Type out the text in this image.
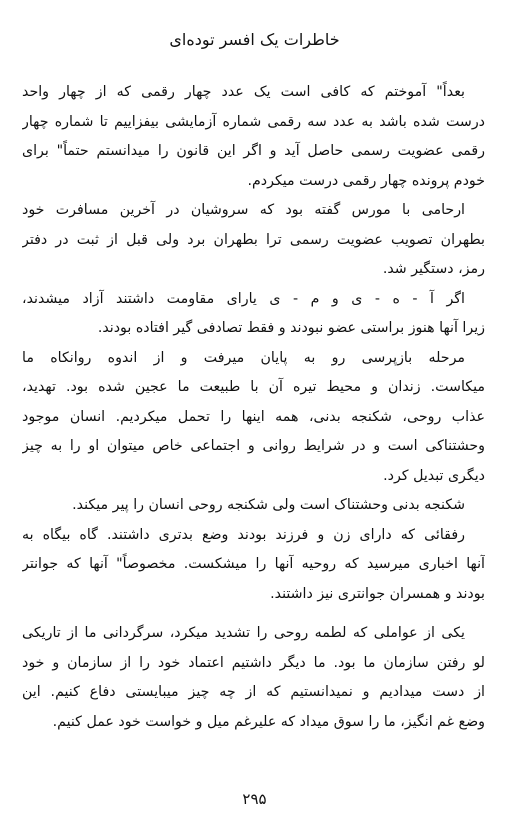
خاطرات یک افسر توده‌ای
بعداً" آموختم که کافی است یک عدد چهار رقمی که از چهار واحد
درست شده باشد به عدد سه رقمی شماره آزمایشی بیفزاییم تا شماره چهار
رقمی عضویت رسمی حاصل آید و اگر این قانون را میدانستم حتماً" برای
خودم پرونده چهار رقمی درست میکردم.
ارحامی با مورس گفته بود که سروشیان در آخرین مسافرت خود
بطهران تصویب عضویت رسمی ترا بطهران برد ولی قبل از ثبت در دفتر
رمز، دستگیر شد.
اگر آ - ه - ی و م - ی یارای مقاومت داشتند آزاد میشدند،
زیرا آنها هنوز براستی عضو نبودند و فقط تصادفی گیر افتاده بودند.
مرحله بازپرسی رو به پایان میرفت و از اندوه روانکاه ما
میکاست. زندان و محیط تیره آن با طبیعت ما عجین شده بود. تهدید،
عذاب روحی، شکنجه بدنی، همه اینها را تحمل میکردیم. انسان موجود
وحشتناکی است و در شرایط روانی و اجتماعی خاص میتوان او را به چیز
دیگری تبدیل کرد.
شکنجه بدنی وحشتناک است ولی شکنجه روحی انسان را پیر میکند.
رفقائی که دارای زن و فرزند بودند وضع بدتری داشتند. گاه بیگاه به
آنها اخباری میرسید که روحیه آنها را میشکست. مخصوصاً" آنها که جوانتر
بودند و همسران جوانتری نیز داشتند.
یکی از عواملی که لطمه روحی را تشدید میکرد، سرگردانی ما از تاریکی
لو رفتن سازمان ما بود. ما دیگر داشتیم اعتماد خود را از سازمان و خود
از دست میدادیم و نمیدانستیم که از چه چیز میبایستی دفاع کنیم. این
وضع غم انگیز، ما را سوق میداد که علیرغم میل و خواست خود عمل کنیم.
۲۹۵
